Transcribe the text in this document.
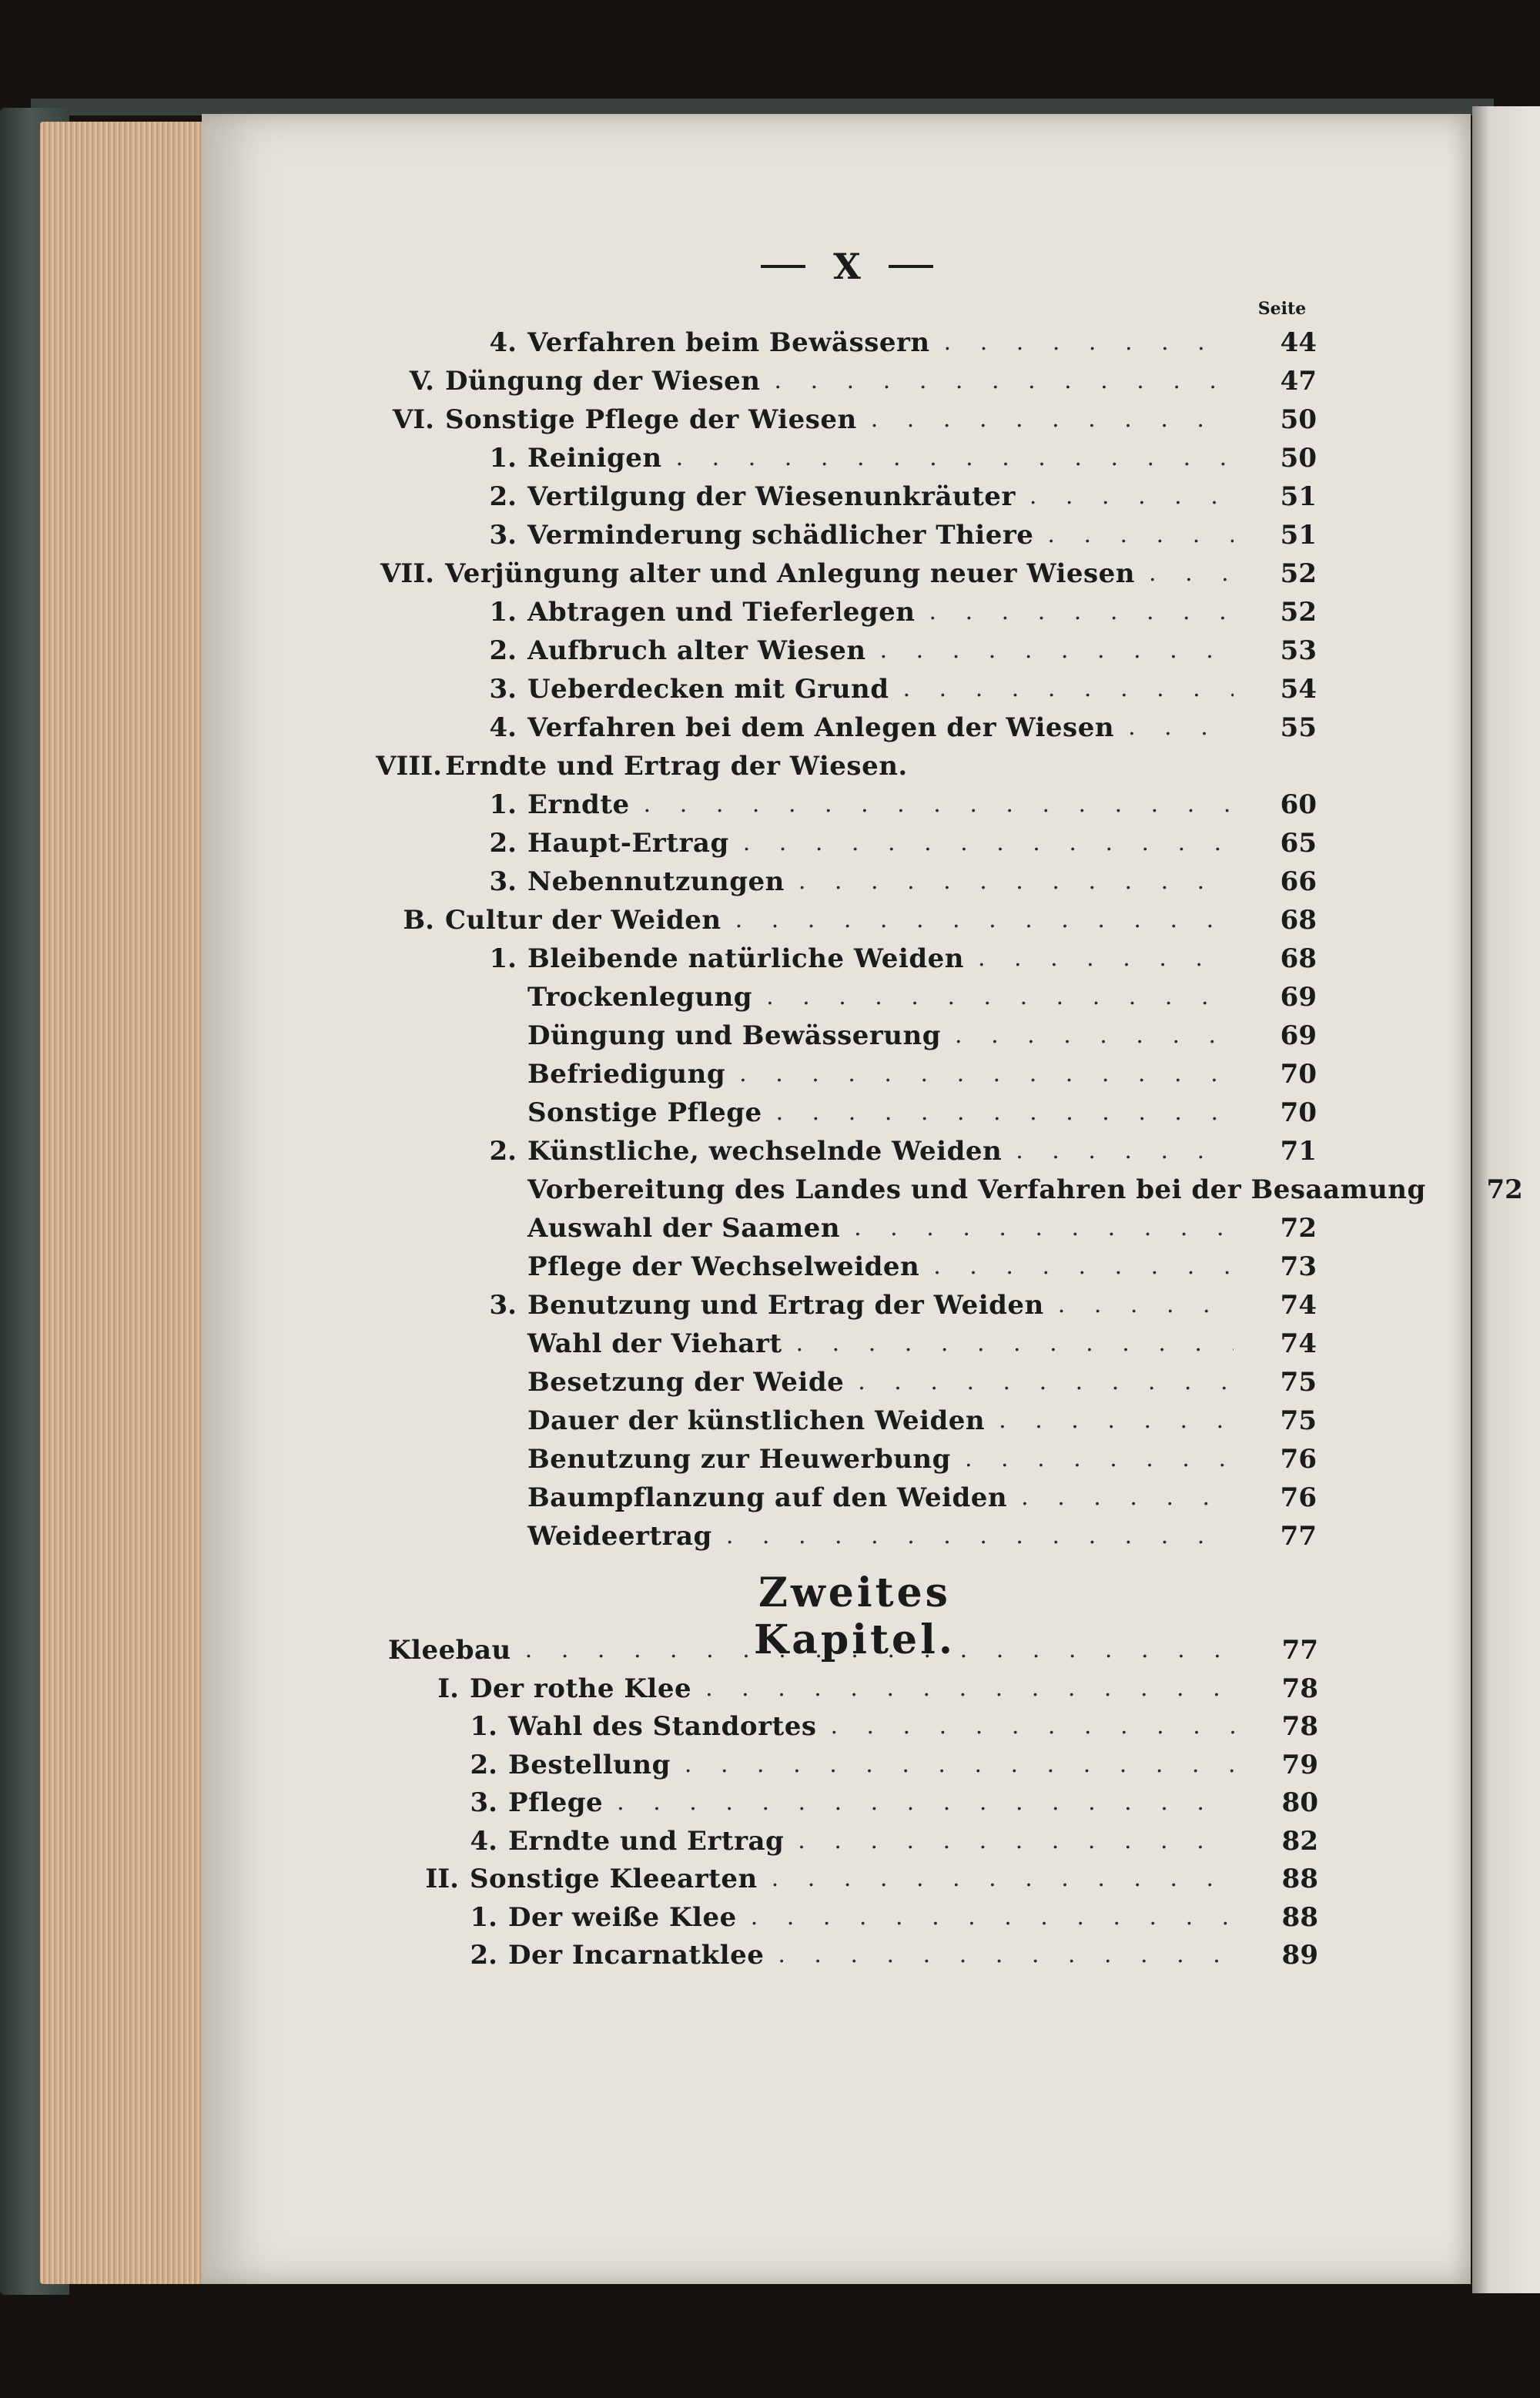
X
Seite
4. Verfahren beim Bewässern . . .	44
V. Düngung der Wiesen . . .	47
VI. Sonstige Pflege der Wiesen . . .	50
1. Reinigen . . .	50
2. Vertilgung der Wiesenunkräuter . . .	51
3. Verminderung schädlicher Thiere . . .	51
VII. Verjüngung alter und Anlegung neuer Wiesen . . .	52
1. Abtragen und Tieferlegen . . .	52
2. Aufbruch alter Wiesen . . .	53
3. Ueberdecken mit Grund . . .	54
4. Verfahren bei dem Anlegen der Wiesen . . .	55
VIII. Erndte und Ertrag der Wiesen.
1. Erndte . . .	60
2. Haupt-Ertrag . . .	65
3. Nebennutzungen . . .	66
B. Cultur der Weiden . . .	68
1. Bleibende natürliche Weiden . . .	68
Trockenlegung . . .	69
Düngung und Bewässerung . . .	69
Befriedigung . . .	70
Sonstige Pflege . . .	70
2. Künstliche, wechselnde Weiden . . .	71
Vorbereitung des Landes und Verfahren bei der Besaamung	72
Auswahl der Saamen . . .	72
Pflege der Wechselweiden . . .	73
3. Benutzung und Ertrag der Weiden . . .	74
Wahl der Viehart . . .	74
Besetzung der Weide . . .	75
Dauer der künstlichen Weiden . . .	75
Benutzung zur Heuwerbung . . .	76
Baumpflanzung auf den Weiden . . .	76
Weideertrag . . .	77
Zweites Kapitel.
Kleebau . . .	77
I. Der rothe Klee . . .	78
1. Wahl des Standortes . . .	78
2. Bestellung . . .	79
3. Pflege . . .	80
4. Erndte und Ertrag . . .	82
II. Sonstige Kleearten . . .	88
1. Der weiße Klee . . .	88
2. Der Incarnatklee . . .	89
